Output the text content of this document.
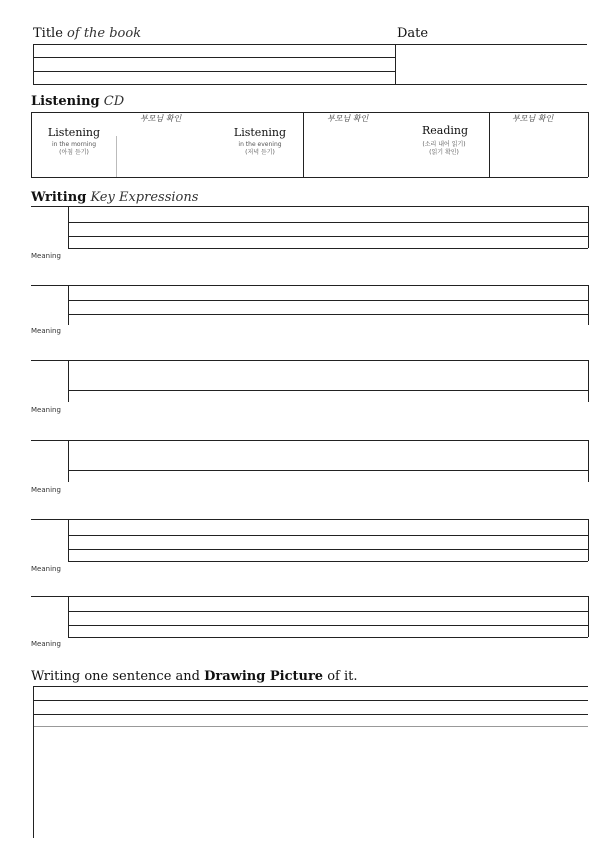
Title of the book	Date
Listening CD
부모님 확인
Listening
in the morning
(아침 듣기)
부모님 확인
Listening
in the evening
(저녁 듣기)
부모님 확인
Reading
(소리 내어 읽기)
(읽기 확인)
Writing Key Expressions
Meaning
Meaning
Meaning
Meaning
Meaning
Meaning
Writing one sentence and Drawing Picture of it.
